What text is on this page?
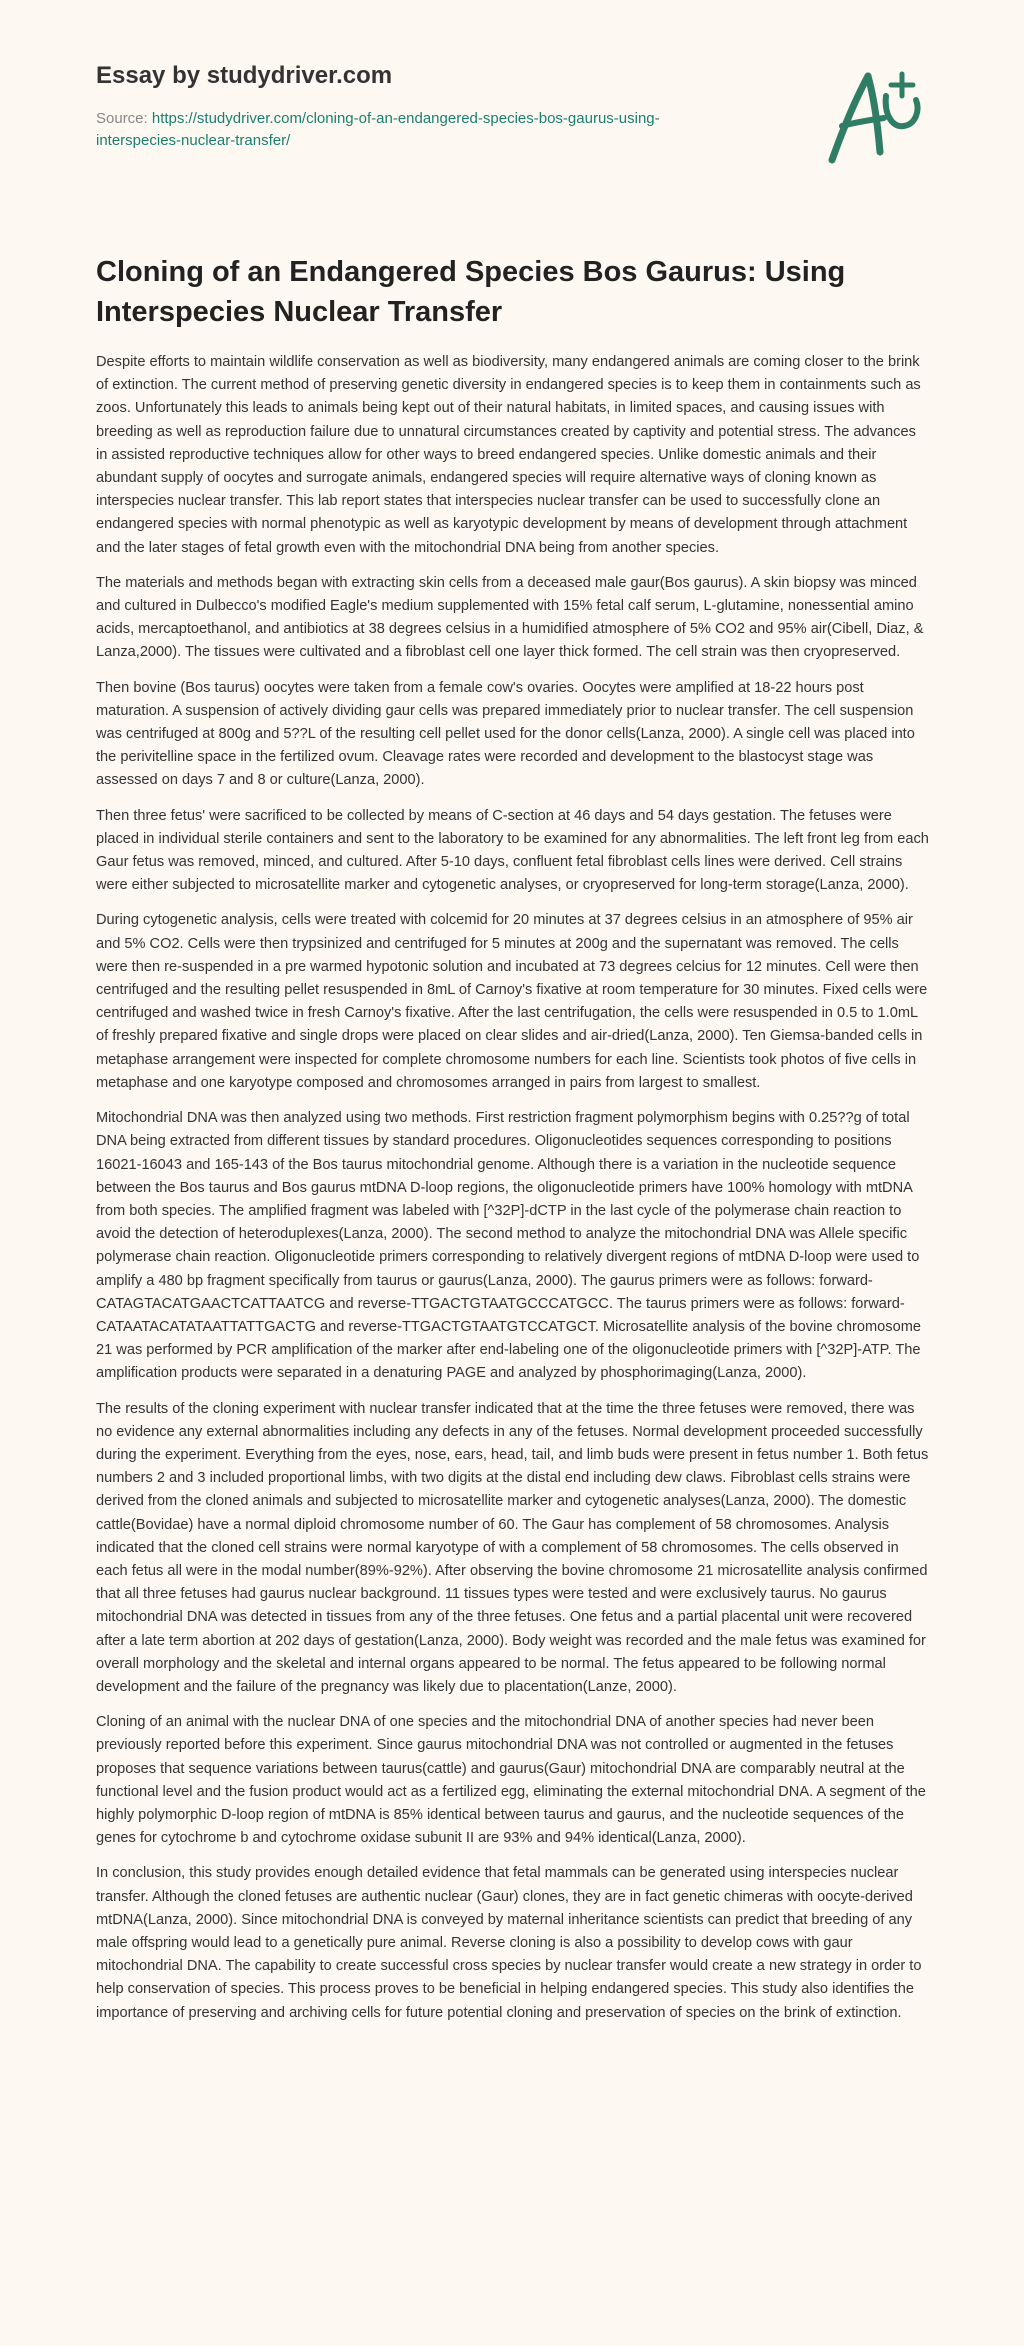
Essay by studydriver.com
Source: https://studydriver.com/cloning-of-an-endangered-species-bos-gaurus-using-interspecies-nuclear-transfer/
Cloning of an Endangered Species Bos Gaurus: Using Interspecies Nuclear Transfer

Despite efforts to maintain wildlife conservation as well as biodiversity, many endangered animals are coming closer to the brink of extinction. The current method of preserving genetic diversity in endangered species is to keep them in containments such as zoos. Unfortunately this leads to animals being kept out of their natural habitats, in limited spaces, and causing issues with breeding as well as reproduction failure due to unnatural circumstances created by captivity and potential stress. The advances in assisted reproductive techniques allow for other ways to breed endangered species. Unlike domestic animals and their abundant supply of oocytes and surrogate animals, endangered species will require alternative ways of cloning known as interspecies nuclear transfer. This lab report states that interspecies nuclear transfer can be used to successfully clone an endangered species with normal phenotypic as well as karyotypic development by means of development through attachment and the later stages of fetal growth even with the mitochondrial DNA being from another species.

The materials and methods began with extracting skin cells from a deceased male gaur(Bos gaurus). A skin biopsy was minced and cultured in Dulbecco's modified Eagle's medium supplemented with 15% fetal calf serum, L-glutamine, nonessential amino acids, mercaptoethanol, and antibiotics at 38 degrees celsius in a humidified atmosphere of 5% CO2 and 95% air(Cibell, Diaz, & Lanza,2000). The tissues were cultivated and a fibroblast cell one layer thick formed. The cell strain was then cryopreserved.

Then bovine (Bos taurus) oocytes were taken from a female cow's ovaries. Oocytes were amplified at 18-22 hours post maturation. A suspension of actively dividing gaur cells was prepared immediately prior to nuclear transfer. The cell suspension was centrifuged at 800g and 5??L of the resulting cell pellet used for the donor cells(Lanza, 2000). A single cell was placed into the perivitelline space in the fertilized ovum. Cleavage rates were recorded and development to the blastocyst stage was assessed on days 7 and 8 or culture(Lanza, 2000).

Then three fetus' were sacrificed to be collected by means of C-section at 46 days and 54 days gestation. The fetuses were placed in individual sterile containers and sent to the laboratory to be examined for any abnormalities. The left front leg from each Gaur fetus was removed, minced, and cultured. After 5-10 days, confluent fetal fibroblast cells lines were derived. Cell strains were either subjected to microsatellite marker and cytogenetic analyses, or cryopreserved for long-term storage(Lanza, 2000).

During cytogenetic analysis, cells were treated with colcemid for 20 minutes at 37 degrees celsius in an atmosphere of 95% air and 5% CO2. Cells were then trypsinized and centrifuged for 5 minutes at 200g and the supernatant was removed. The cells were then re-suspended in a pre warmed hypotonic solution and incubated at 73 degrees celcius for 12 minutes. Cell were then centrifuged and the resulting pellet resuspended in 8mL of Carnoy's fixative at room temperature for 30 minutes. Fixed cells were centrifuged and washed twice in fresh Carnoy's fixative. After the last centrifugation, the cells were resuspended in 0.5 to 1.0mL of freshly prepared fixative and single drops were placed on clear slides and air-dried(Lanza, 2000). Ten Giemsa-banded cells in metaphase arrangement were inspected for complete chromosome numbers for each line. Scientists took photos of five cells in metaphase and one karyotype composed and chromosomes arranged in pairs from largest to smallest.

Mitochondrial DNA was then analyzed using two methods. First restriction fragment polymorphism begins with 0.25??g of total DNA being extracted from different tissues by standard procedures. Oligonucleotides sequences corresponding to positions 16021-16043 and 165-143 of the Bos taurus mitochondrial genome. Although there is a variation in the nucleotide sequence between the Bos taurus and Bos gaurus mtDNA D-loop regions, the oligonucleotide primers have 100% homology with mtDNA from both species. The amplified fragment was labeled with [^32P]-dCTP in the last cycle of the polymerase chain reaction to avoid the detection of heteroduplexes(Lanza, 2000). The second method to analyze the mitochondrial DNA was Allele specific polymerase chain reaction. Oligonucleotide primers corresponding to relatively divergent regions of mtDNA D-loop were used to amplify a 480 bp fragment specifically from taurus or gaurus(Lanza, 2000). The gaurus primers were as follows: forward-CATAGTACATGAACTCATTAATCG and reverse-TTGACTGTAATGCCCATGCC. The taurus primers were as follows: forward-CATAATACATATAATTATTGACTG and reverse-TTGACTGTAATGTCCATGCT. Microsatellite analysis of the bovine chromosome 21 was performed by PCR amplification of the marker after end-labeling one of the oligonucleotide primers with [^32P]-ATP. The amplification products were separated in a denaturing PAGE and analyzed by phosphorimaging(Lanza, 2000).

The results of the cloning experiment with nuclear transfer indicated that at the time the three fetuses were removed, there was no evidence any external abnormalities including any defects in any of the fetuses. Normal development proceeded successfully during the experiment. Everything from the eyes, nose, ears, head, tail, and limb buds were present in fetus number 1. Both fetus numbers 2 and 3 included proportional limbs, with two digits at the distal end including dew claws. Fibroblast cells strains were derived from the cloned animals and subjected to microsatellite marker and cytogenetic analyses(Lanza, 2000). The domestic cattle(Bovidae) have a normal diploid chromosome number of 60. The Gaur has complement of 58 chromosomes. Analysis indicated that the cloned cell strains were normal karyotype of with a complement of 58 chromosomes. The cells observed in each fetus all were in the modal number(89%-92%). After observing the bovine chromosome 21 microsatellite analysis confirmed that all three fetuses had gaurus nuclear background. 11 tissues types were tested and were exclusively taurus. No gaurus mitochondrial DNA was detected in tissues from any of the three fetuses. One fetus and a partial placental unit were recovered after a late term abortion at 202 days of gestation(Lanza, 2000). Body weight was recorded and the male fetus was examined for overall morphology and the skeletal and internal organs appeared to be normal. The fetus appeared to be following normal development and the failure of the pregnancy was likely due to placentation(Lanze, 2000).

Cloning of an animal with the nuclear DNA of one species and the mitochondrial DNA of another species had never been previously reported before this experiment. Since gaurus mitochondrial DNA was not controlled or augmented in the fetuses proposes that sequence variations between taurus(cattle) and gaurus(Gaur) mitochondrial DNA are comparably neutral at the functional level and the fusion product would act as a fertilized egg, eliminating the external mitochondrial DNA. A segment of the highly polymorphic D-loop region of mtDNA is 85% identical between taurus and gaurus, and the nucleotide sequences of the genes for cytochrome b and cytochrome oxidase subunit II are 93% and 94% identical(Lanza, 2000).

In conclusion, this study provides enough detailed evidence that fetal mammals can be generated using interspecies nuclear transfer. Although the cloned fetuses are authentic nuclear (Gaur) clones, they are in fact genetic chimeras with oocyte-derived mtDNA(Lanza, 2000). Since mitochondrial DNA is conveyed by maternal inheritance scientists can predict that breeding of any male offspring would lead to a genetically pure animal. Reverse cloning is also a possibility to develop cows with gaur mitochondrial DNA. The capability to create successful cross species by nuclear transfer would create a new strategy in order to help conservation of species. This process proves to be beneficial in helping endangered species. This study also identifies the importance of preserving and archiving cells for future potential cloning and preservation of species on the brink of extinction.
